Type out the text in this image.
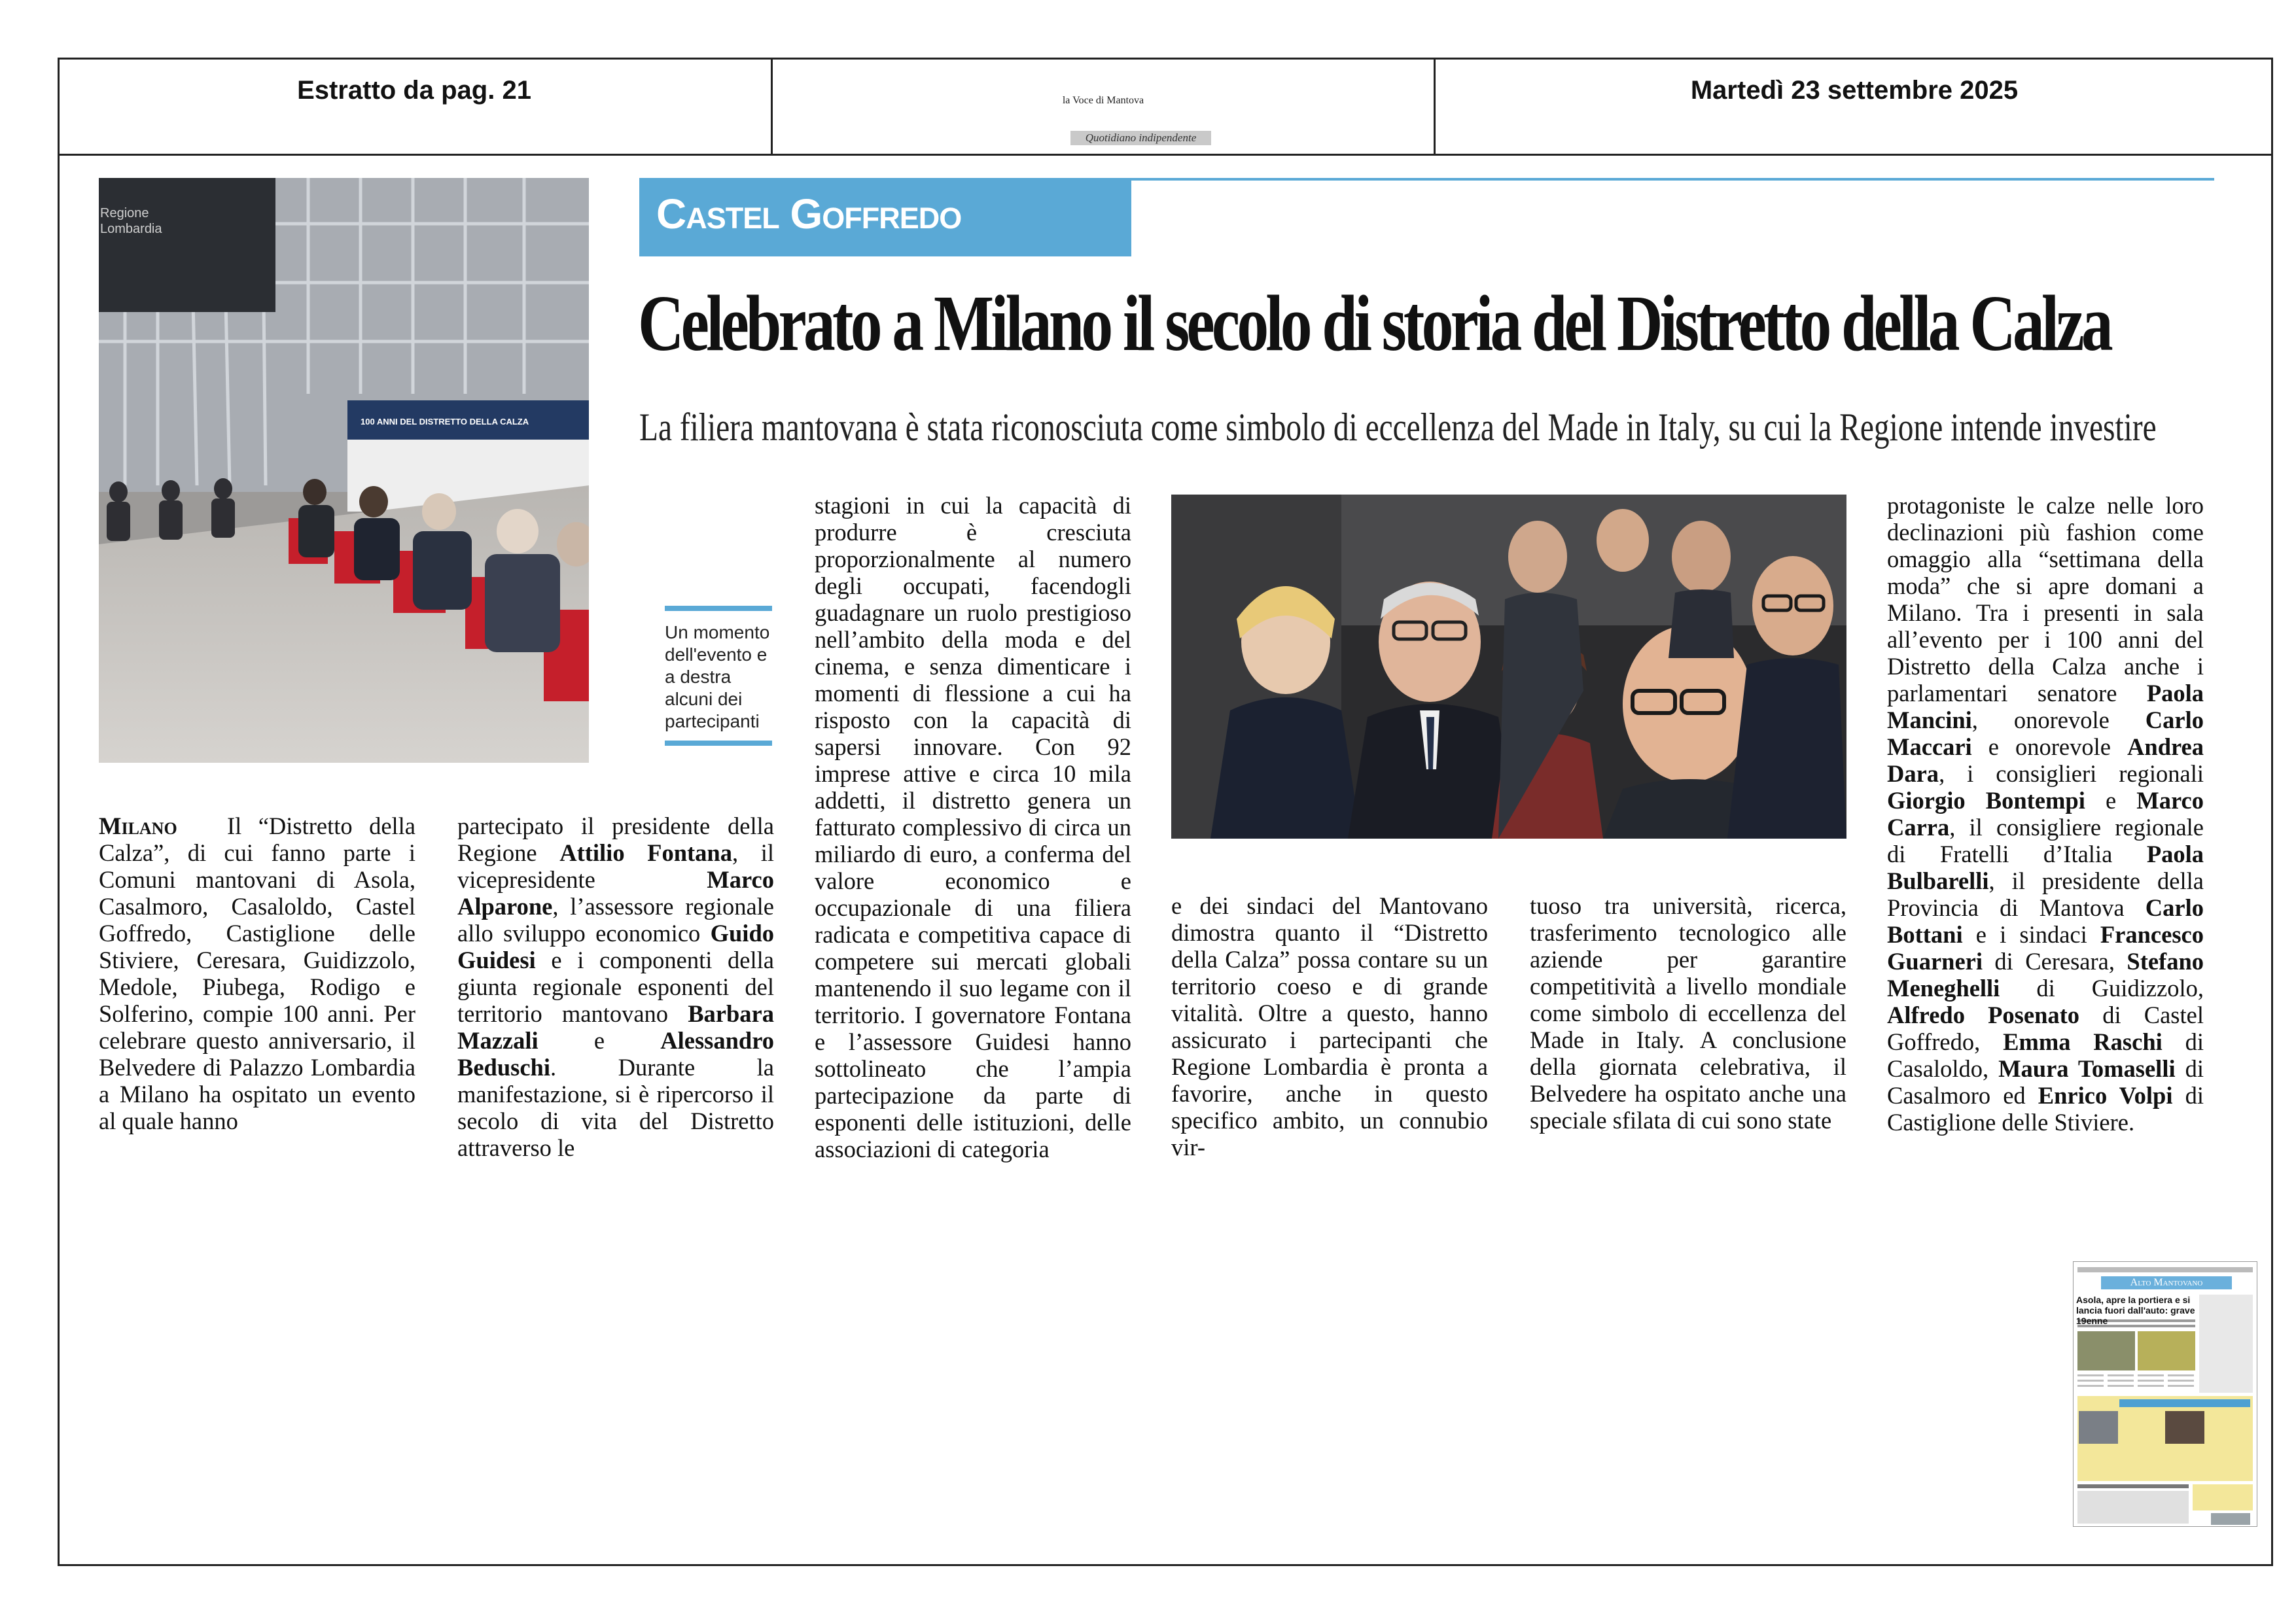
Estratto da pag. 21	la Voce di Mantova
Quotidiano indipendente
Martedì 23 settembre 2025
Regione Lombardia
100 ANNI DEL DISTRETTO DELLA CALZA
Un momento dell'evento e a destra alcuni dei partecipanti
Castel Goffredo
Celebrato a Milano il secolo di storia del Distretto della Calza
La filiera mantovana è stata riconosciuta come simbolo di eccellenza del Made in Italy, su cui la Regione intende investire
Milano Il “Distretto della Calza”, di cui fanno parte i Comuni mantovani di Asola, Casalmoro, Casaloldo, Castel Goffredo, Castiglione delle Stiviere, Ceresara, Guidizzolo, Medole, Piubega, Rodigo e Solferino, compie 100 anni. Per celebrare questo anniversario, il Belvedere di Palazzo Lombardia a Milano ha ospitato un evento al quale hanno
partecipato il presidente della Regione Attilio Fontana, il vicepresidente Marco Alparone, l’assessore regionale allo sviluppo economico Guido Guidesi e i componenti della giunta regionale esponenti del territorio mantovano Barbara Mazzali e Alessandro Beduschi. Durante la manifestazione, si è ripercorso il secolo di vita del Distretto attraverso le
stagioni in cui la capacità di produrre è cresciuta proporzionalmente al numero degli occupati, facendogli guadagnare un ruolo prestigioso nell’ambito della moda e del cinema, e senza dimenticare i momenti di flessione a cui ha risposto con la capacità di sapersi innovare. Con 92 imprese attive e circa 10 mila addetti, il distretto genera un fatturato complessivo di circa un miliardo di euro, a conferma del valore economico e occupazionale di una filiera radicata e competitiva capace di competere sui mercati globali mantenendo il suo legame con il territorio. I governatore Fontana e l’assessore Guidesi hanno sottolineato che l’ampia partecipazione da parte di esponenti delle istituzioni, delle associazioni di categoria
e dei sindaci del Mantovano dimostra quanto il “Distretto della Calza” possa contare su un territorio coeso e di grande vitalità. Oltre a questo, hanno assicurato i partecipanti che Regione Lombardia è pronta a favorire, anche in questo specifico ambito, un connubio vir-
tuoso tra università, ricerca, trasferimento tecnologico alle aziende per garantire competitività a livello mondiale come simbolo di eccellenza del Made in Italy. A conclusione della giornata celebrativa, il Belvedere ha ospitato anche una speciale sfilata di cui sono state
protagoniste le calze nelle loro declinazioni più fashion come omaggio alla “settimana della moda” che si apre domani a Milano. Tra i presenti in sala all’evento per i 100 anni del Distretto della Calza anche i parlamentari senatore Paola Mancini, onorevole Carlo Maccari e onorevole Andrea Dara, i consiglieri regionali Giorgio Bontempi e Marco Carra, il consigliere regionale di Fratelli d’Italia Paola Bulbarelli, il presidente della Provincia di Mantova Carlo Bottani e i sindaci Francesco Guarneri di Ceresara, Stefano Meneghelli di Guidizzolo, Alfredo Posenato di Castel Goffredo, Emma Raschi di Casaloldo, Maura Tomaselli di Casalmoro ed Enrico Volpi di Castiglione delle Stiviere.
Alto Mantovano
Asola, apre la portiera e si lancia fuori dall'auto: grave 19enne
